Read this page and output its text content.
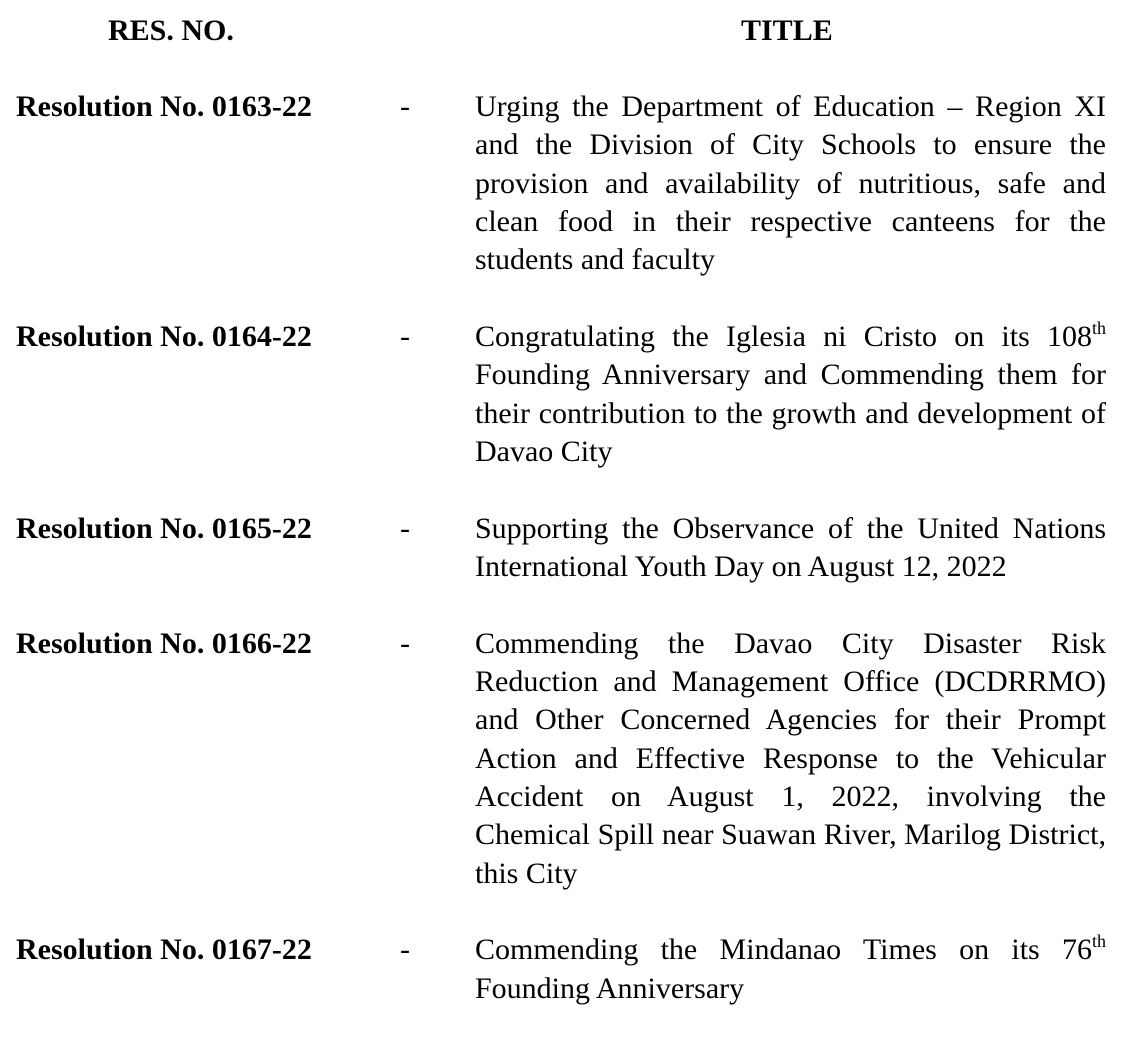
RES. NO.	TITLE
Resolution No. 0163-22	- Urging the Department of Education – Region XI and the Division of City Schools to ensure the provision and availability of nutritious, safe and clean food in their respective canteens for the students and faculty
Resolution No. 0164-22	- Congratulating the Iglesia ni Cristo on its 108th Founding Anniversary and Commending them for their contribution to the growth and development of Davao City
Resolution No. 0165-22	- Supporting the Observance of the United Nations International Youth Day on August 12, 2022
Resolution No. 0166-22	- Commending the Davao City Disaster Risk Reduction and Management Office (DCDRRMO) and Other Concerned Agencies for their Prompt Action and Effective Response to the Vehicular Accident on August 1, 2022, involving the Chemical Spill near Suawan River, Marilog District, this City
Resolution No. 0167-22	- Commending the Mindanao Times on its 76th Founding Anniversary
